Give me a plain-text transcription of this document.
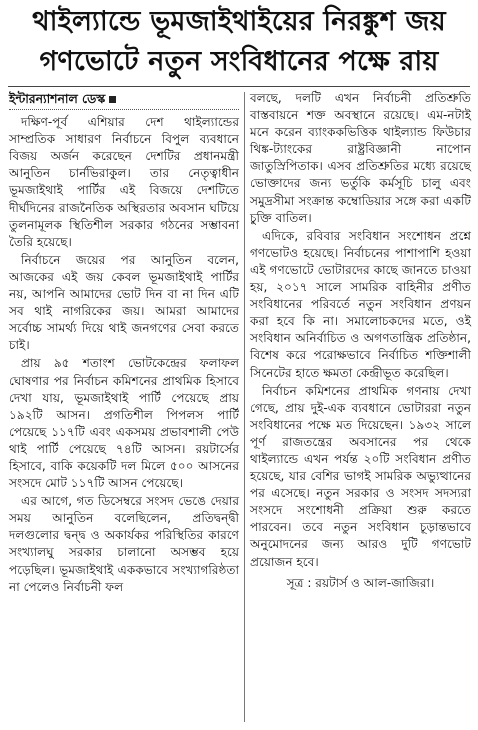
থাইল্যান্ডে ভূমজাইথাইয়ের নিরঙ্কুশ জয়
গণভোটে নতুন সংবিধানের পক্ষে রায়
ইন্টারন্যাশনাল ডেস্ক

দক্ষিণ-পূর্ব এশিয়ার দেশ থাইল্যান্ডের সাম্প্রতিক সাধারণ নির্বাচনে বিপুল ব্যবধানে বিজয় অর্জন করেছেন দেশটির প্রধানমন্ত্রী আনুতিন চার্নভিরাকুল। তার নেতৃত্বাধীন ভূমজাইথাই পার্টির এই বিজয়ে দেশটিতে দীর্ঘদিনের রাজনৈতিক অস্থিরতার অবসান ঘটিয়ে তুলনামূলক স্থিতিশীল সরকার গঠনের সম্ভাবনা তৈরি হয়েছে।

নির্বাচনে জয়ের পর আনুতিন বলেন, আজকের এই জয় কেবল ভূমজাইথাই পার্টির নয়, আপনি আমাদের ভোট দিন বা না দিন এটি সব থাই নাগরিকের জয়। আমরা আমাদের সর্বোচ্চ সামর্থ্য দিয়ে থাই জনগণের সেবা করতে চাই।

প্রায় ৯৫ শতাংশ ভোটকেন্দ্রের ফলাফল ঘোষণার পর নির্বাচন কমিশনের প্রাথমিক হিসাবে দেখা যায়, ভূমজাইথাই পার্টি পেয়েছে প্রায় ১৯২টি আসন। প্রগতিশীল পিপলস পার্টি পেয়েছে ১১৭টি এবং একসময় প্রভাবশালী পেউ থাই পার্টি পেয়েছে ৭৪টি আসন। রয়টার্সের হিসাবে, বাকি কয়েকটি দল মিলে ৫০০ আসনের সংসদে মোট ১১৭টি আসন পেয়েছে।

এর আগে, গত ডিসেম্বরে সংসদ ভেঙে দেয়ার সময় আনুতিন বলেছিলেন, প্রতিদ্বন্দ্বী দলগুলোর দ্বন্দ্ব ও অকার্যকর পরিস্থিতির কারণে সংখ্যালঘু সরকার চালানো অসম্ভব হয়ে পড়েছিল। ভূমজাইথাই এককভাবে সংখ্যাগরিষ্ঠতা না পেলেও নির্বাচনী ফল

বলছে, দলটি এখন নির্বাচনী প্রতিশ্রুতি বাস্তবায়নে শক্ত অবস্থানে রয়েছে। এম-নটাই মনে করেন ব্যাংককভিত্তিক থাইল্যান্ড ফিউচার থিঙ্ক-ট্যাংকের রাষ্ট্রবিজ্ঞানী নাপোন জাতুস্রিপিতাক। এসব প্রতিশ্রুতির মধ্যে রয়েছে ভোক্তাদের জন্য ভর্তুকি কর্মসূচি চালু এবং সমুদ্রসীমা সংক্রান্ত কম্বোডিয়ার সঙ্গে করা একটি চুক্তি বাতিল।

এদিকে, রবিবার সংবিধান সংশোধন প্রশ্নে গণভোটও হয়েছে। নির্বাচনের পাশাপাশি হওয়া এই গণভোটে ভোটারদের কাছে জানতে চাওয়া হয়, ২০১৭ সালে সামরিক বাহিনীর প্রণীত সংবিধানের পরিবর্তে নতুন সংবিধান প্রণয়ন করা হবে কি না। সমালোচকদের মতে, ওই সংবিধান অনির্বাচিত ও অগণতান্ত্রিক প্রতিষ্ঠান, বিশেষ করে পরোক্ষভাবে নির্বাচিত শক্তিশালী সিনেটের হাতে ক্ষমতা কেন্দ্রীভূত করেছিল।

নির্বাচন কমিশনের প্রাথমিক গণনায় দেখা গেছে, প্রায় দুই-এক ব্যবধানে ভোটাররা নতুন সংবিধানের পক্ষে মত দিয়েছেন। ১৯৩২ সালে পূর্ণ রাজতন্ত্রের অবসানের পর থেকে থাইল্যান্ডে এখন পর্যন্ত ২০টি সংবিধান প্রণীত হয়েছে, যার বেশির ভাগই সামরিক অভ্যুত্থানের পর এসেছে। নতুন সরকার ও সংসদ সদস্যরা সংসদে সংশোধনী প্রক্রিয়া শুরু করতে পারবেন। তবে নতুন সংবিধান চূড়ান্তভাবে অনুমোদনের জন্য আরও দুটি গণভোট প্রয়োজন হবে।

সূত্র : রয়টার্স ও আল-জাজিরা।
